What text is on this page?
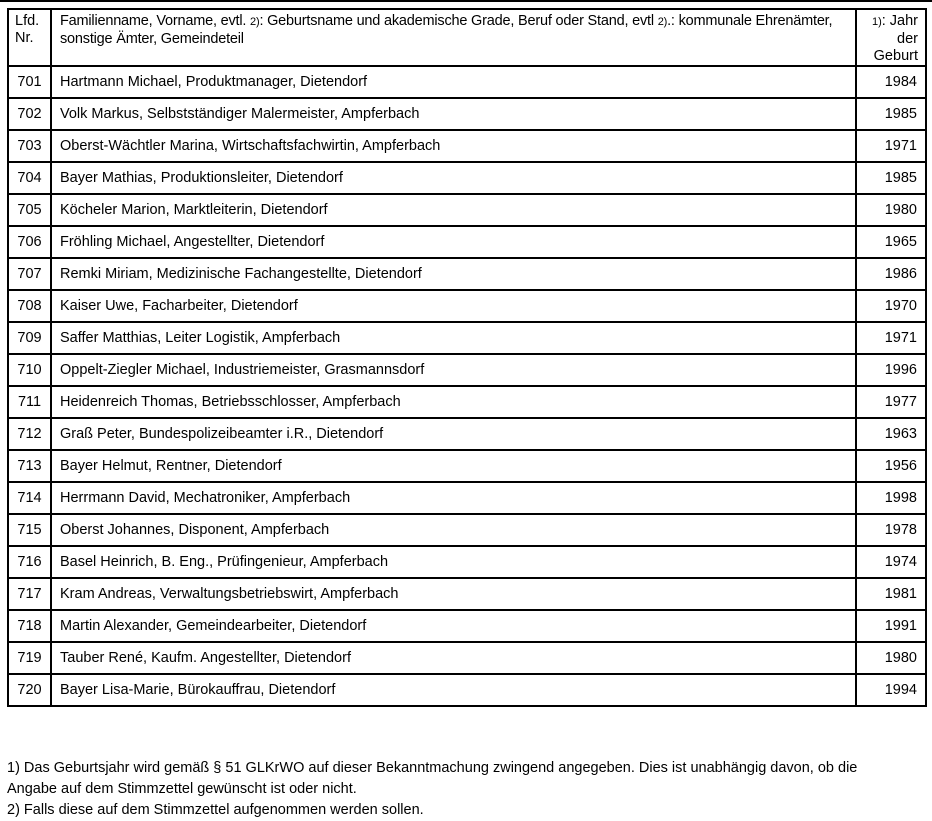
Lfd. Nr.	Familienname, Vorname, evtl. 2): Geburtsname und akademische Grade, Beruf oder Stand, evtl 2).: kommunale Ehrenämter, sonstige Ämter, Gemeindeteil	1): Jahr der Geburt
701	Hartmann Michael, Produktmanager, Dietendorf	1984
702	Volk Markus, Selbstständiger Malermeister, Ampferbach	1985
703	Oberst-Wächtler Marina, Wirtschaftsfachwirtin, Ampferbach	1971
704	Bayer Mathias, Produktionsleiter, Dietendorf	1985
705	Köcheler Marion, Marktleiterin, Dietendorf	1980
706	Fröhling Michael, Angestellter, Dietendorf	1965
707	Remki Miriam, Medizinische Fachangestellte, Dietendorf	1986
708	Kaiser Uwe, Facharbeiter, Dietendorf	1970
709	Saffer Matthias, Leiter Logistik, Ampferbach	1971
710	Oppelt-Ziegler Michael, Industriemeister, Grasmannsdorf	1996
711	Heidenreich Thomas, Betriebsschlosser, Ampferbach	1977
712	Graß Peter, Bundespolizeibeamter i.R., Dietendorf	1963
713	Bayer Helmut, Rentner, Dietendorf	1956
714	Herrmann David, Mechatroniker, Ampferbach	1998
715	Oberst Johannes, Disponent, Ampferbach	1978
716	Basel Heinrich, B. Eng., Prüfingenieur, Ampferbach	1974
717	Kram Andreas, Verwaltungsbetriebswirt, Ampferbach	1981
718	Martin Alexander, Gemeindearbeiter, Dietendorf	1991
719	Tauber René, Kaufm. Angestellter, Dietendorf	1980
720	Bayer Lisa-Marie, Bürokauffrau, Dietendorf	1994
1) Das Geburtsjahr wird gemäß § 51 GLKrWO auf dieser Bekanntmachung zwingend angegeben. Dies ist unabhängig davon, ob die Angabe auf dem Stimmzettel gewünscht ist oder nicht.
2) Falls diese auf dem Stimmzettel aufgenommen werden sollen.
